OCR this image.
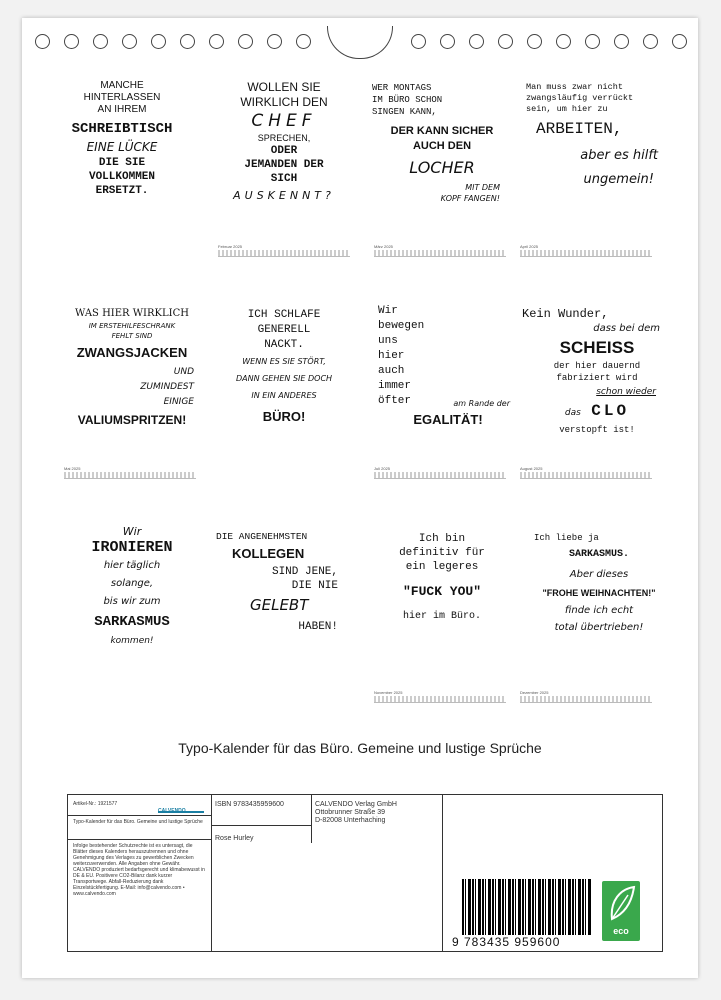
MANCHE

HINTERLASSEN

AN IHREM

SCHREIBTISCH

EINE LÜCKE

DIE SIE

VOLLKOMMEN

ERSETZT.

WOLLEN SIE

WIRKLICH DEN

CHEF

SPRECHEN,

ODER

JEMANDEN DER

SICH

AUSKENNT?

Februar 2025

WER MONTAGS

IM BÜRO SCHON

SINGEN KANN,

DER KANN SICHER

AUCH DEN

LOCHER

MIT DEM

KOPF FANGEN!

März 2025

Man muss zwar nicht

zwangsläufig verrückt

sein, um hier zu

ARBEITEN,

aber es hilft

ungemein!

April 2025

WAS HIER WIRKLICH

IM ERSTEHILFESCHRANK

FEHLT SIND

ZWANGSJACKEN

UND

ZUMINDEST

EINIGE

VALIUMSPRITZEN!

Mai 2025

ICH SCHLAFE

GENERELL

NACKT.

WENN ES SIE STÖRT,

DANN GEHEN SIE DOCH

IN EIN ANDERES

BÜRO!

Wir

bewegen

uns

hier

auch

immer

öfter	am Rande der

EGALITÄT!

Juli 2025

Kein Wunder,

dass bei dem

SCHEISS

der hier dauernd

fabriziert wird

schon wieder

das CLO

verstopft ist!

August 2025

Wir

IRONIEREN

hier täglich

solange,

bis wir zum

SARKASMUS

kommen!

DIE ANGENEHMSTEN

KOLLEGEN

SIND JENE,

DIE NIE

GELEBT

HABEN!

Ich bin

definitiv für

ein legeres

"FUCK YOU"

hier im Büro.

November 2025

Ich liebe ja

SARKASMUS.

Aber dieses

"FROHE WEIHNACHTEN!"

finde ich echt

total übertrieben!

Dezember 2025
Typo-Kalender für das Büro. Gemeine und lustige Sprüche
Artikel-Nr.: 1921577
CALVENDO
Typo-Kalender für das Büro. Gemeine und lustige Sprüche
Infolge bestehender Schutzrechte ist es untersagt, die Blätter dieses Kalenders herauszutrennen und ohne Genehmigung des Verlages zu gewerblichen Zwecken weiterzuverwenden. Alle Angaben ohne Gewähr. CALVENDO produziert bedarfsgerecht und klimabewusst in DE & EU. Positivere CO2-Bilanz dank kurzer Transportwege. Abfall-Reduzierung dank Einzelstückfertigung. E-Mail: info@calvendo.com • www.calvendo.com
ISBN 9783435959600
Rose Hurley
CALVENDO Verlag GmbH
Ottobrunner Straße 39
D-82008 Unterhaching
9 783435 959600
eco
